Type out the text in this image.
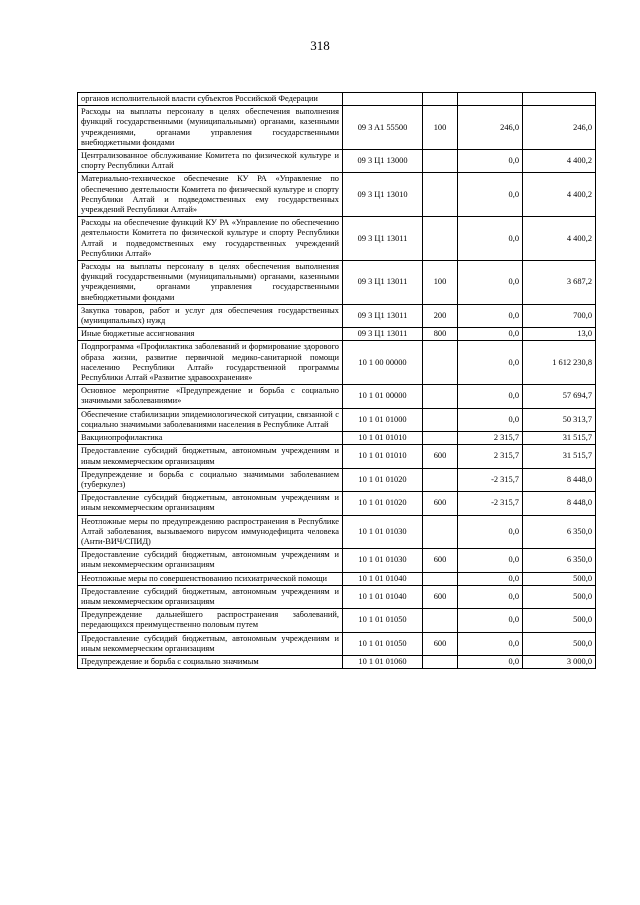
318
органов исполнительной власти субъектов Российской Федерации				
Расходы на выплаты персоналу в целях обеспечения выполнения функций государственными (муниципальными) органами, казенными учреждениями, органами управления государственными внебюджетными фондами	09 3 A1 55500	100	246,0	246,0
Централизованное обслуживание Комитета по физической культуре и спорту Республики Алтай	09 3 Ц1 13000		0,0	4 400,2
Материально-техническое обеспечение КУ РА «Управление по обеспечению деятельности Комитета по физической культуре и спорту Республики Алтай и подведомственных ему государственных учреждений Республики Алтай»	09 3 Ц1 13010		0,0	4 400,2
Расходы на обеспечение функций КУ РА «Управление по обеспечению деятельности Комитета по физической культуре и спорту Республики Алтай и подведомственных ему государственных учреждений Республики Алтай»	09 3 Ц1 13011		0,0	4 400,2
Расходы на выплаты персоналу в целях обеспечения выполнения функций государственными (муниципальными) органами, казенными учреждениями, органами управления государственными внебюджетными фондами	09 3 Ц1 13011	100	0,0	3 687,2
Закупка товаров, работ и услуг для обеспечения государственных (муниципальных) нужд	09 3 Ц1 13011	200	0,0	700,0
Иные бюджетные ассигнования	09 3 Ц1 13011	800	0,0	13,0
Подпрограмма «Профилактика заболеваний и формирование здорового образа жизни, развитие первичной медико-санитарной помощи населению Республики Алтай» государственной программы Республики Алтай «Развитие здравоохранения»	10 1 00 00000		0,0	1 612 230,8
Основное мероприятие «Предупреждение и борьба с социально значимыми заболеваниями»	10 1 01 00000		0,0	57 694,7
Обеспечение стабилизации эпидемиологической ситуации, связанной с социально значимыми заболеваниями населения в Республике Алтай	10 1 01 01000		0,0	50 313,7
Вакцинопрофилактика	10 1 01 01010		2 315,7	31 515,7
Предоставление субсидий бюджетным, автономным учреждениям и иным некоммерческим организациям	10 1 01 01010	600	2 315,7	31 515,7
Предупреждение и борьба с социально значимыми заболеванием (туберкулез)	10 1 01 01020		-2 315,7	8 448,0
Предоставление субсидий бюджетным, автономным учреждениям и иным некоммерческим организациям	10 1 01 01020	600	-2 315,7	8 448,0
Неотложные меры по предупреждению распространения в Республике Алтай заболевания, вызываемого вирусом иммунодефицита человека (Анти-ВИЧ/СПИД)	10 1 01 01030		0,0	6 350,0
Предоставление субсидий бюджетным, автономным учреждениям и иным некоммерческим организациям	10 1 01 01030	600	0,0	6 350,0
Неотложные меры по совершенствованию психиатрической помощи	10 1 01 01040		0,0	500,0
Предоставление субсидий бюджетным, автономным учреждениям и иным некоммерческим организациям	10 1 01 01040	600	0,0	500,0
Предупреждение дальнейшего распространения заболеваний, передающихся преимущественно половым путем	10 1 01 01050		0,0	500,0
Предоставление субсидий бюджетным, автономным учреждениям и иным некоммерческим организациям	10 1 01 01050	600	0,0	500,0
Предупреждение и борьба с социально значимым	10 1 01 01060		0,0	3 000,0
